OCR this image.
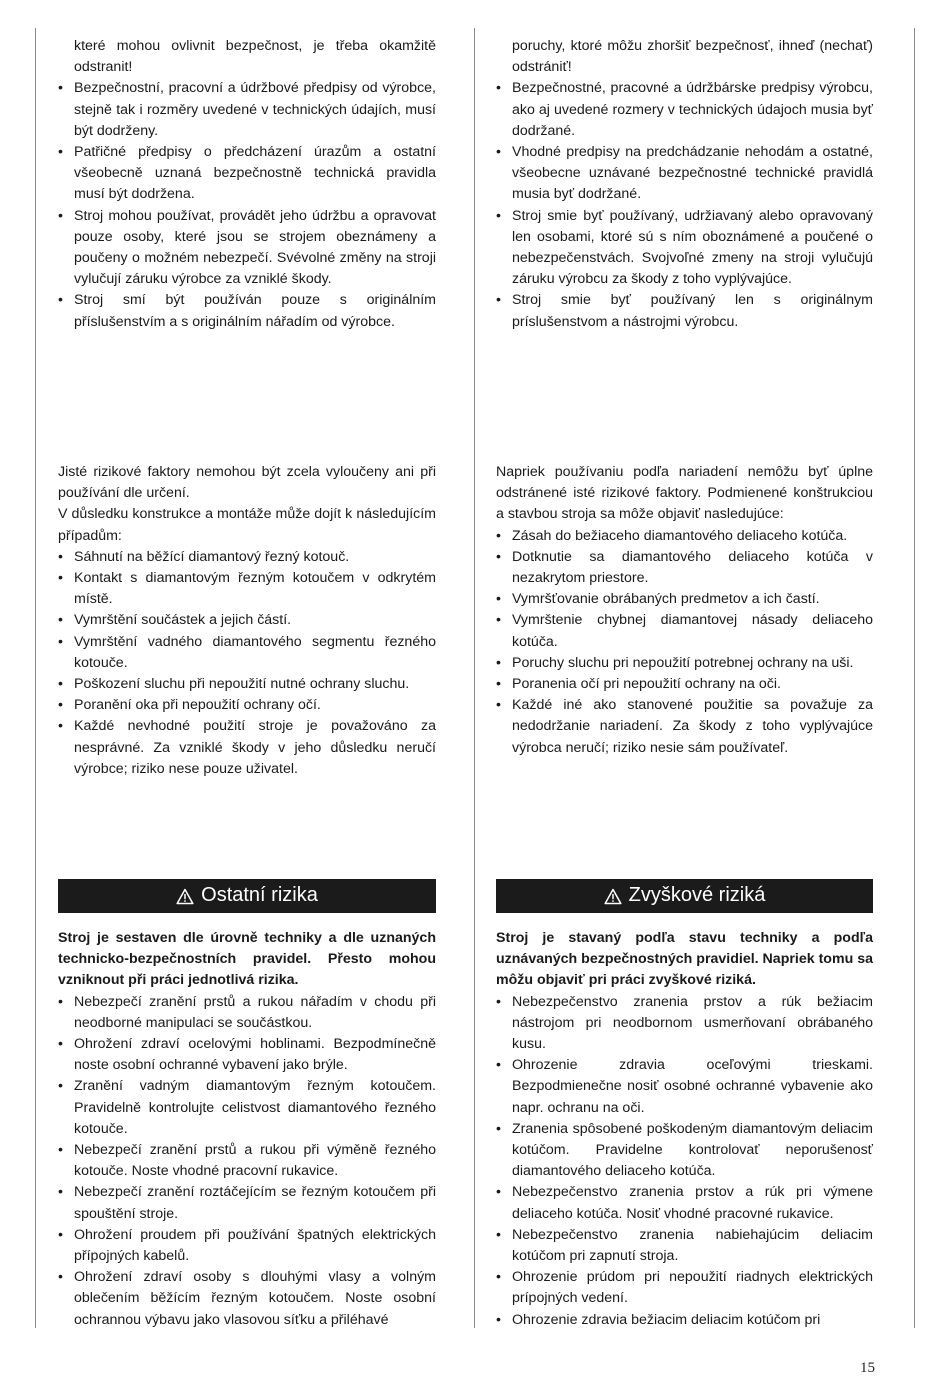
které mohou ovlivnit bezpečnost, je třeba okamžitě odstranit!

• Bezpečnostní, pracovní a údržbové předpisy od výrobce, stejně tak i rozměry uvedené v technických údajích, musí být dodrženy.
• Patřičné předpisy o předcházení úrazům a ostatní všeobecně uznaná bezpečnostně technická pravidla musí být dodržena.
• Stroj mohou používat, provádět jeho údržbu a opravovat pouze osoby, které jsou se strojem obeznámeny a poučeny o možném nebezpečí. Svévolné změny na stroji vylučují záruku výrobce za vzniklé škody.
• Stroj smí být používán pouze s originálním příslušenstvím a s originálním nářadím od výrobce.

poruchy, ktoré môžu zhoršiť bezpečnosť, ihneď (nechať) odstrániť!

• Bezpečnostné, pracovné a údržbárske predpisy výrobcu, ako aj uvedené rozmery v technických údajoch musia byť dodržané.
• Vhodné predpisy na predchádzanie nehodám a ostatné, všeobecne uznávané bezpečnostné technické pravidlá musia byť dodržané.
• Stroj smie byť používaný, udržiavaný alebo opravovaný len osobami, ktoré sú s ním oboznámené a poučené o nebezpečenstvách. Svojvoľné zmeny na stroji vylučujú záruku výrobcu za škody z toho vyplývajúce.
• Stroj smie byť používaný len s originálnym príslušenstvom a nástrojmi výrobcu.

Jisté rizikové faktory nemohou být zcela vyloučeny ani při používání dle určení.

V důsledku konstrukce a montáže může dojít k následujícím případům:

• Sáhnutí na běžící diamantový řezný kotouč.
• Kontakt s diamantovým řezným kotoučem v odkrytém místě.
• Vymrštění součástek a jejich částí.
• Vymrštění vadného diamantového segmentu řezného kotouče.
• Poškození sluchu při nepoužití nutné ochrany sluchu.
• Poranění oka při nepoužití ochrany očí.
• Každé nevhodné použití stroje je považováno za nesprávné. Za vzniklé škody v jeho důsledku neručí výrobce; riziko nese pouze uživatel.

Napriek používaniu podľa nariadení nemôžu byť úplne odstránené isté rizikové faktory. Podmienené konštrukciou a stavbou stroja sa môže objaviť nasledujúce:

• Zásah do bežiaceho diamantového deliaceho kotúča.
• Dotknutie sa diamantového deliaceho kotúča v nezakrytom priestore.
• Vymršťovanie obrábaných predmetov a ich častí.
• Vymrštenie chybnej diamantovej násady deliaceho kotúča.
• Poruchy sluchu pri nepoužití potrebnej ochrany na uši.
• Poranenia očí pri nepoužití ochrany na oči.
• Každé iné ako stanovené použitie sa považuje za nedodržanie nariadení. Za škody z toho vyplývajúce výrobca neručí; riziko nesie sám používateľ.
Ostatní rizika

Stroj je sestaven dle úrovně techniky a dle uznaných technicko-bezpečnostních pravidel. Přesto mohou vzniknout při práci jednotlivá rizika.

• Nebezpečí zranění prstů a rukou nářadím v chodu při neodborné manipulaci se součástkou.
• Ohrožení zdraví ocelovými hoblinami. Bezpodmínečně noste osobní ochranné vybavení jako brýle.
• Zranění vadným diamantovým řezným kotoučem. Pravidelně kontrolujte celistvost diamantového řezného kotouče.
• Nebezpečí zranění prstů a rukou při výměně řezného kotouče. Noste vhodné pracovní rukavice.
• Nebezpečí zranění roztáčejícím se řezným kotoučem při spouštění stroje.
• Ohrožení proudem při používání špatných elektrických přípojných kabelů.
• Ohrožení zdraví osoby s dlouhými vlasy a volným oblečením běžícím řezným kotoučem. Noste osobní ochrannou výbavu jako vlasovou síťku a přiléhavé
Zvyškové riziká

Stroj je stavaný podľa stavu techniky a podľa uznávaných bezpečnostných pravidiel. Napriek tomu sa môžu objaviť pri práci zvyškové riziká.

• Nebezpečenstvo zranenia prstov a rúk bežiacim nástrojom pri neodbornom usmerňovaní obrábaného kusu.
• Ohrozenie zdravia oceľovými trieskami. Bezpodmienečne nosiť osobné ochranné vybavenie ako napr. ochranu na oči.
• Zranenia spôsobené poškodeným diamantovým deliacim kotúčom. Pravidelne kontrolovať neporušenosť diamantového deliaceho kotúča.
• Nebezpečenstvo zranenia prstov a rúk pri výmene deliaceho kotúča. Nosiť vhodné pracovné rukavice.
• Nebezpečenstvo zranenia nabiehajúcim deliacim kotúčom pri zapnutí stroja.
• Ohrozenie prúdom pri nepoužití riadnych elektrických prípojných vedení.
• Ohrozenie zdravia bežiacim deliacim kotúčom pri
15
